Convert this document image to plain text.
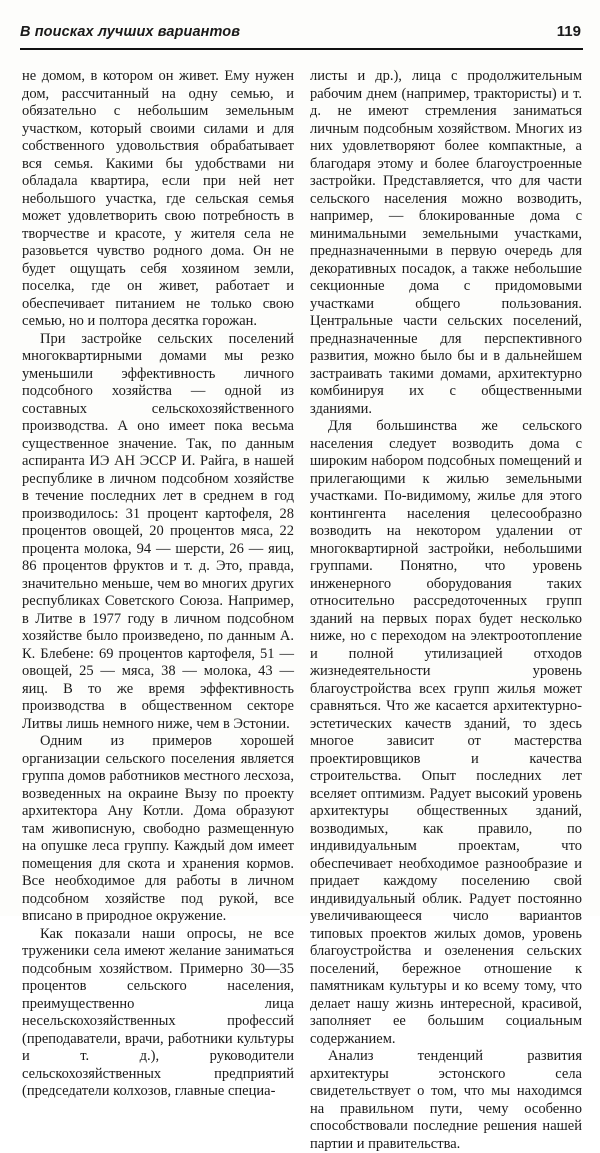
В поисках лучших вариантов	119

не домом, в котором он живет. Ему нужен дом, рассчитанный на одну семью, и обязательно с небольшим земельным участком, который своими силами и для собственного удовольствия обрабатывает вся семья. Какими бы удобствами ни обладала квартира, если при ней нет небольшого участка, где сельская семья может удовлетворить свою потребность в творчестве и красоте, у жителя села не разовьется чувство родного дома. Он не будет ощущать себя хозяином земли, поселка, где он живет, работает и обеспечивает питанием не только свою семью, но и полтора десятка горожан.

При застройке сельских поселений многоквартирными домами мы резко уменьшили эффективность личного подсобного хозяйства — одной из составных сельскохозяйственного производства. А оно имеет пока весьма существенное значение. Так, по данным аспиранта ИЭ АН ЭССР И. Райга, в нашей республике в личном подсобном хозяйстве в течение последних лет в среднем в год производилось: 31 процент картофеля, 28 процентов овощей, 20 процентов мяса, 22 процента молока, 94 — шерсти, 26 — яиц, 86 процентов фруктов и т. д. Это, правда, значительно меньше, чем во многих других республиках Советского Союза. Например, в Литве в 1977 году в личном подсобном хозяйстве было произведено, по данным А. К. Блебене: 69 процентов картофеля, 51 — овощей, 25 — мяса, 38 — молока, 43 — яиц. В то же время эффективность производства в общественном секторе Литвы лишь немного ниже, чем в Эстонии.

Одним из примеров хорошей организации сельского поселения является группа домов работников местного лесхоза, возведенных на окраине Вызу по проекту архитектора Ану Котли. Дома образуют там живописную, свободно размещенную на опушке леса группу. Каждый дом имеет помещения для скота и хранения кормов. Все необходимое для работы в личном подсобном хозяйстве под рукой, все вписано в природное окружение.

Как показали наши опросы, не все труженики села имеют желание заниматься подсобным хозяйством. Примерно 30—35 процентов сельского населения, преимущественно лица несельскохозяйственных профессий (преподаватели, врачи, работники культуры и т. д.), руководители сельскохозяйственных предприятий (председатели колхозов, главные специа-

листы и др.), лица с продолжительным рабочим днем (например, трактористы) и т. д. не имеют стремления заниматься личным подсобным хозяйством. Многих из них удовлетворяют более компактные, а благодаря этому и более благоустроенные застройки. Представляется, что для части сельского населения можно возводить, например, — блокированные дома с минимальными земельными участками, предназначенными в первую очередь для декоративных посадок, а также небольшие секционные дома с придомовыми участками общего пользования. Центральные части сельских поселений, предназначенные для перспективного развития, можно было бы и в дальнейшем застраивать такими домами, архитектурно комбинируя их с общественными зданиями.

Для большинства же сельского населения следует возводить дома с широким набором подсобных помещений и прилегающими к жилью земельными участками. По-видимому, жилье для этого контингента населения целесообразно возводить на некотором удалении от многоквартирной застройки, небольшими группами. Понятно, что уровень инженерного оборудования таких относительно рассредоточенных групп зданий на первых порах будет несколько ниже, но с переходом на электроотопление и полной утилизацией отходов жизнедеятельности уровень благоустройства всех групп жилья может сравняться. Что же касается архитектурно-эстетических качеств зданий, то здесь многое зависит от мастерства проектировщиков и качества строительства. Опыт последних лет вселяет оптимизм. Радует высокий уровень архитектуры общественных зданий, возводимых, как правило, по индивидуальным проектам, что обеспечивает необходимое разнообразие и придает каждому поселению свой индивидуальный облик. Радует постоянно увеличивающееся число вариантов типовых проектов жилых домов, уровень благоустройства и озеленения сельских поселений, бережное отношение к памятникам культуры и ко всему тому, что делает нашу жизнь интересной, красивой, заполняет ее большим социальным содержанием.

Анализ тенденций развития архитектуры эстонского села свидетельствует о том, что мы находимся на правильном пути, чему особенно способствовали последние решения нашей партии и правительства.
